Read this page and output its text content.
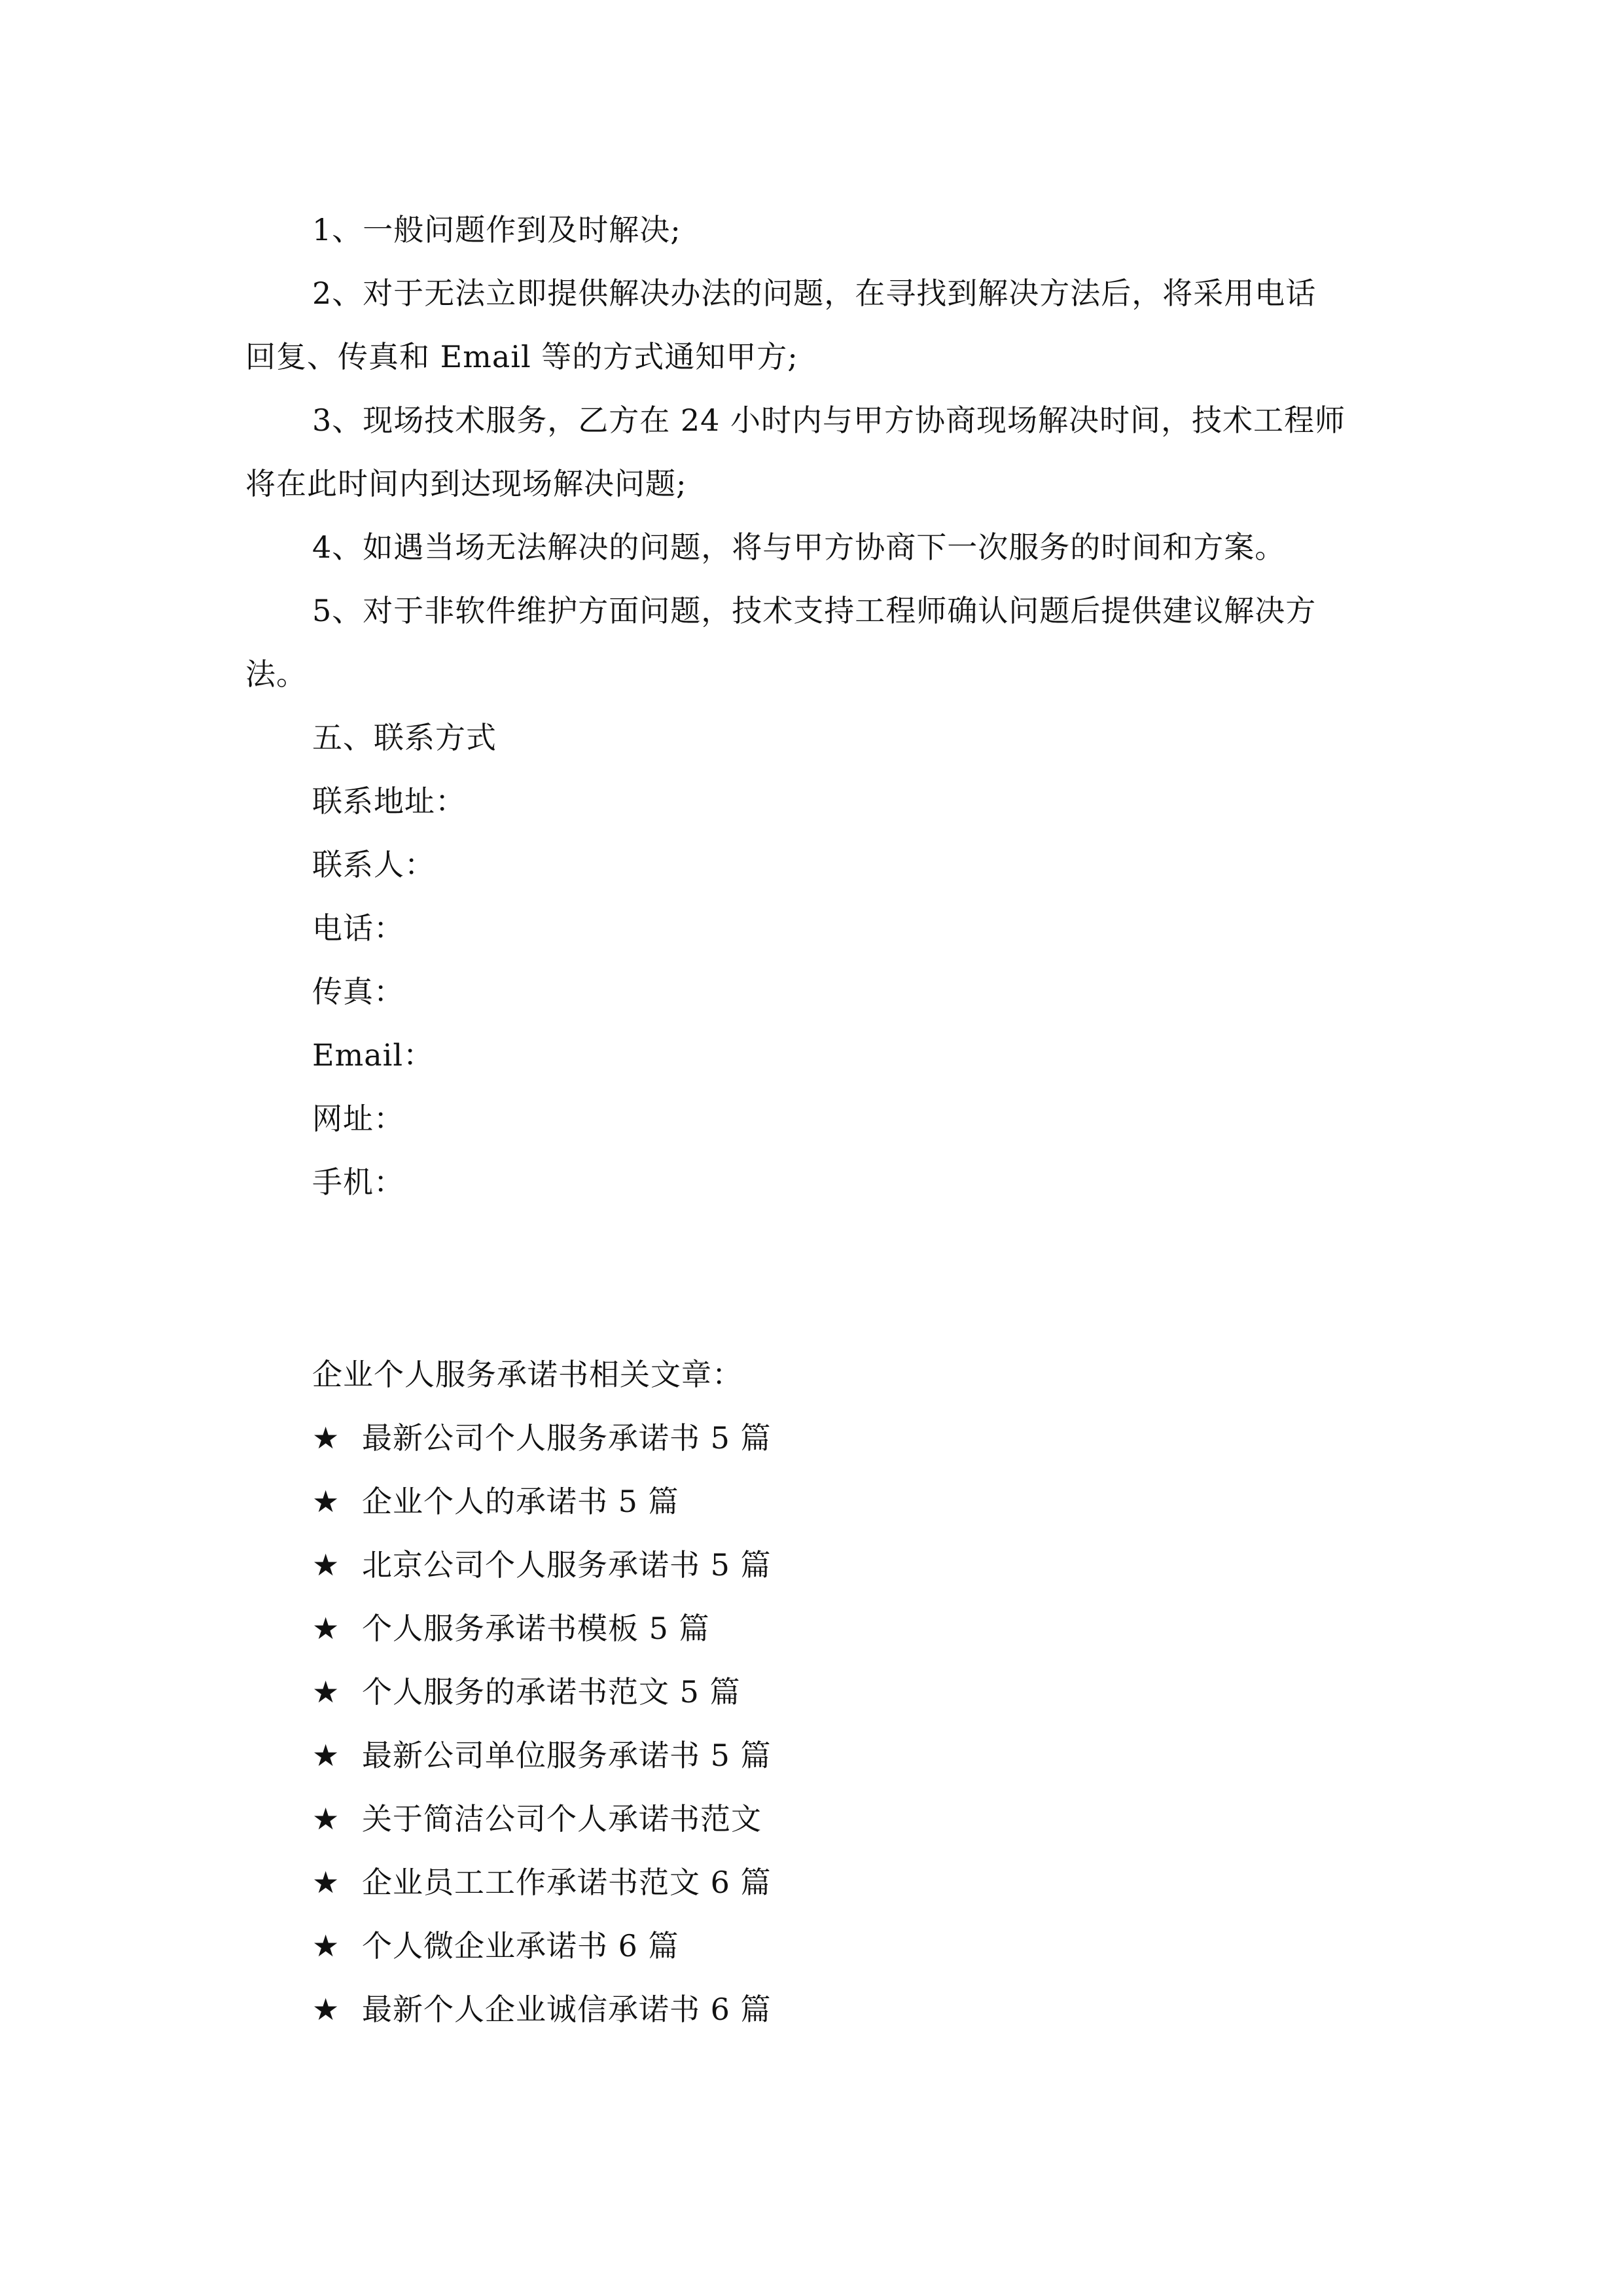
1、一般问题作到及时解决;
2、对于无法立即提供解决办法的问题，在寻找到解决方法后，将采用电话
回复、传真和 Email 等的方式通知甲方;
3、现场技术服务，乙方在 24 小时内与甲方协商现场解决时间，技术工程师
将在此时间内到达现场解决问题;
4、如遇当场无法解决的问题，将与甲方协商下一次服务的时间和方案。
5、对于非软件维护方面问题，技术支持工程师确认问题后提供建议解决方
法。
五、联系方式
联系地址：
联系人：
电话：
传真：
Email：
网址：
手机：
企业个人服务承诺书相关文章：
★ 最新公司个人服务承诺书 5 篇
★ 企业个人的承诺书 5 篇
★ 北京公司个人服务承诺书 5 篇
★ 个人服务承诺书模板 5 篇
★ 个人服务的承诺书范文 5 篇
★ 最新公司单位服务承诺书 5 篇
★ 关于简洁公司个人承诺书范文
★ 企业员工工作承诺书范文 6 篇
★ 个人微企业承诺书 6 篇
★ 最新个人企业诚信承诺书 6 篇
